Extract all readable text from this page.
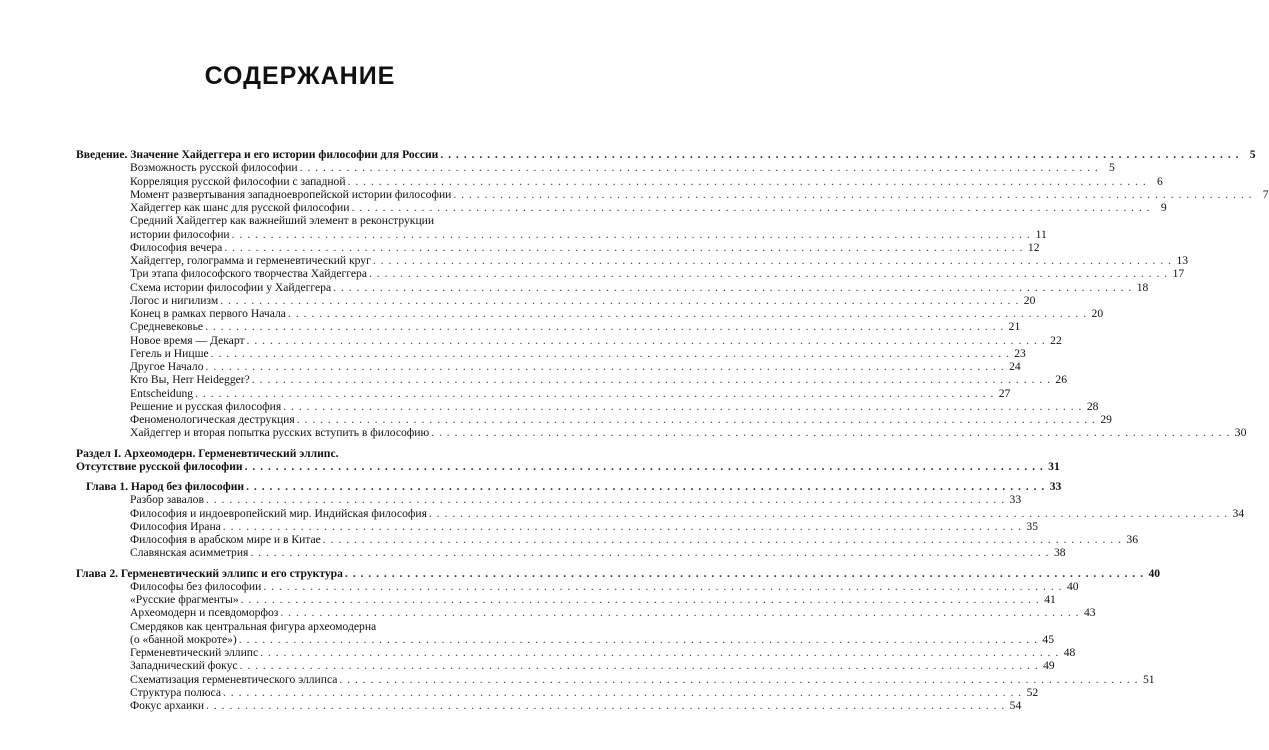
СОДЕРЖАНИЕ
Введение. Значение Хайдеггера и его истории философии для России . . . . . . . . . . . . . . . . . . . . . . . . . . . . . . . . . . . . . . . . . . . . . . . . . . . . . . . . . . . . . . . . . . . . . . . . . . . . . . . . . . . . . . . . . . . . . . . . . . . . . . . 5
Возможность русской философии . . . . . . . . . . . . . . . . . . . . . . . . . . . . . . . . . . . . . . . . . . . . . . . . . . . . . . . . . . . . . . . . . . . . . . . . . . . . . . . . . . . . . . . . . . . . . . . . . . . . . . . 5
Корреляция русской философии с западной . . . . . . . . . . . . . . . . . . . . . . . . . . . . . . . . . . . . . . . . . . . . . . . . . . . . . . . . . . . . . . . . . . . . . . . . . . . . . . . . . . . . . . . . . . . . . . . . . . . . . . . 6
Момент развертывания западноевропейской истории философии . . . . . . . . . . . . . . . . . . . . . . . . . . . . . . . . . . . . . . . . . . . . . . . . . . . . . . . . . . . . . . . . . . . . . . . . . . . . . . . . . . . . . . . . . . . . . . . . . . . . . . . 7
Хайдеггер как шанс для русской философии . . . . . . . . . . . . . . . . . . . . . . . . . . . . . . . . . . . . . . . . . . . . . . . . . . . . . . . . . . . . . . . . . . . . . . . . . . . . . . . . . . . . . . . . . . . . . . . . . . . . . . . 9
Средний Хайдеггер как важнейший элемент в реконструкции
истории философии . . . . . . . . . . . . . . . . . . . . . . . . . . . . . . . . . . . . . . . . . . . . . . . . . . . . . . . . . . . . . . . . . . . . . . . . . . . . . . . . . . . . . . . . . . . . . . . . . . . . . . . 11
Философия вечера . . . . . . . . . . . . . . . . . . . . . . . . . . . . . . . . . . . . . . . . . . . . . . . . . . . . . . . . . . . . . . . . . . . . . . . . . . . . . . . . . . . . . . . . . . . . . . . . . . . . . . . 12
Хайдеггер, голограмма и герменевтический круг . . . . . . . . . . . . . . . . . . . . . . . . . . . . . . . . . . . . . . . . . . . . . . . . . . . . . . . . . . . . . . . . . . . . . . . . . . . . . . . . . . . . . . . . . . . . . . . . . . . . . . . 13
Три этапа философского творчества Хайдеггера . . . . . . . . . . . . . . . . . . . . . . . . . . . . . . . . . . . . . . . . . . . . . . . . . . . . . . . . . . . . . . . . . . . . . . . . . . . . . . . . . . . . . . . . . . . . . . . . . . . . . . . 17
Схема истории философии у Хайдеггера . . . . . . . . . . . . . . . . . . . . . . . . . . . . . . . . . . . . . . . . . . . . . . . . . . . . . . . . . . . . . . . . . . . . . . . . . . . . . . . . . . . . . . . . . . . . . . . . . . . . . . . 18
Логос и нигилизм . . . . . . . . . . . . . . . . . . . . . . . . . . . . . . . . . . . . . . . . . . . . . . . . . . . . . . . . . . . . . . . . . . . . . . . . . . . . . . . . . . . . . . . . . . . . . . . . . . . . . . . 20
Конец в рамках первого Начала . . . . . . . . . . . . . . . . . . . . . . . . . . . . . . . . . . . . . . . . . . . . . . . . . . . . . . . . . . . . . . . . . . . . . . . . . . . . . . . . . . . . . . . . . . . . . . . . . . . . . . . 20
Средневековье . . . . . . . . . . . . . . . . . . . . . . . . . . . . . . . . . . . . . . . . . . . . . . . . . . . . . . . . . . . . . . . . . . . . . . . . . . . . . . . . . . . . . . . . . . . . . . . . . . . . . . . 21
Новое время — Декарт . . . . . . . . . . . . . . . . . . . . . . . . . . . . . . . . . . . . . . . . . . . . . . . . . . . . . . . . . . . . . . . . . . . . . . . . . . . . . . . . . . . . . . . . . . . . . . . . . . . . . . . 22
Гегель и Ницше . . . . . . . . . . . . . . . . . . . . . . . . . . . . . . . . . . . . . . . . . . . . . . . . . . . . . . . . . . . . . . . . . . . . . . . . . . . . . . . . . . . . . . . . . . . . . . . . . . . . . . . 23
Другое Начало . . . . . . . . . . . . . . . . . . . . . . . . . . . . . . . . . . . . . . . . . . . . . . . . . . . . . . . . . . . . . . . . . . . . . . . . . . . . . . . . . . . . . . . . . . . . . . . . . . . . . . . 24
Кто Вы, Herr Heidegger? . . . . . . . . . . . . . . . . . . . . . . . . . . . . . . . . . . . . . . . . . . . . . . . . . . . . . . . . . . . . . . . . . . . . . . . . . . . . . . . . . . . . . . . . . . . . . . . . . . . . . . . 26
Entscheidung . . . . . . . . . . . . . . . . . . . . . . . . . . . . . . . . . . . . . . . . . . . . . . . . . . . . . . . . . . . . . . . . . . . . . . . . . . . . . . . . . . . . . . . . . . . . . . . . . . . . . . . 27
Решение и русская философия . . . . . . . . . . . . . . . . . . . . . . . . . . . . . . . . . . . . . . . . . . . . . . . . . . . . . . . . . . . . . . . . . . . . . . . . . . . . . . . . . . . . . . . . . . . . . . . . . . . . . . . 28
Феноменологическая деструкция . . . . . . . . . . . . . . . . . . . . . . . . . . . . . . . . . . . . . . . . . . . . . . . . . . . . . . . . . . . . . . . . . . . . . . . . . . . . . . . . . . . . . . . . . . . . . . . . . . . . . . . 29
Хайдеггер и вторая попытка русских вступить в философию . . . . . . . . . . . . . . . . . . . . . . . . . . . . . . . . . . . . . . . . . . . . . . . . . . . . . . . . . . . . . . . . . . . . . . . . . . . . . . . . . . . . . . . . . . . . . . . . . . . . . . . 30
Раздел I. Археомодерн. Герменевтический эллипс.
Отсутствие русской философии . . . . . . . . . . . . . . . . . . . . . . . . . . . . . . . . . . . . . . . . . . . . . . . . . . . . . . . . . . . . . . . . . . . . . . . . . . . . . . . . . . . . . . . . . . . . . . . . . . . . . . . 31
Глава 1. Народ без философии . . . . . . . . . . . . . . . . . . . . . . . . . . . . . . . . . . . . . . . . . . . . . . . . . . . . . . . . . . . . . . . . . . . . . . . . . . . . . . . . . . . . . . . . . . . . . . . . . . . . . . . 33
Разбор завалов . . . . . . . . . . . . . . . . . . . . . . . . . . . . . . . . . . . . . . . . . . . . . . . . . . . . . . . . . . . . . . . . . . . . . . . . . . . . . . . . . . . . . . . . . . . . . . . . . . . . . . . 33
Философия и индоевропейский мир. Индийская философия . . . . . . . . . . . . . . . . . . . . . . . . . . . . . . . . . . . . . . . . . . . . . . . . . . . . . . . . . . . . . . . . . . . . . . . . . . . . . . . . . . . . . . . . . . . . . . . . . . . . . . . 34
Философия Ирана . . . . . . . . . . . . . . . . . . . . . . . . . . . . . . . . . . . . . . . . . . . . . . . . . . . . . . . . . . . . . . . . . . . . . . . . . . . . . . . . . . . . . . . . . . . . . . . . . . . . . . . 35
Философия в арабском мире и в Китае . . . . . . . . . . . . . . . . . . . . . . . . . . . . . . . . . . . . . . . . . . . . . . . . . . . . . . . . . . . . . . . . . . . . . . . . . . . . . . . . . . . . . . . . . . . . . . . . . . . . . . . 36
Славянская асимметрия . . . . . . . . . . . . . . . . . . . . . . . . . . . . . . . . . . . . . . . . . . . . . . . . . . . . . . . . . . . . . . . . . . . . . . . . . . . . . . . . . . . . . . . . . . . . . . . . . . . . . . . 38
Глава 2. Герменевтический эллипс и его структура . . . . . . . . . . . . . . . . . . . . . . . . . . . . . . . . . . . . . . . . . . . . . . . . . . . . . . . . . . . . . . . . . . . . . . . . . . . . . . . . . . . . . . . . . . . . . . . . . . . . . . . 40
Философы без философии . . . . . . . . . . . . . . . . . . . . . . . . . . . . . . . . . . . . . . . . . . . . . . . . . . . . . . . . . . . . . . . . . . . . . . . . . . . . . . . . . . . . . . . . . . . . . . . . . . . . . . . 40
«Русские фрагменты» . . . . . . . . . . . . . . . . . . . . . . . . . . . . . . . . . . . . . . . . . . . . . . . . . . . . . . . . . . . . . . . . . . . . . . . . . . . . . . . . . . . . . . . . . . . . . . . . . . . . . . . 41
Археомодерн и псевдоморфоз . . . . . . . . . . . . . . . . . . . . . . . . . . . . . . . . . . . . . . . . . . . . . . . . . . . . . . . . . . . . . . . . . . . . . . . . . . . . . . . . . . . . . . . . . . . . . . . . . . . . . . . 43
Смердяков как центральная фигура археомодерна
(о «банной мокроте») . . . . . . . . . . . . . . . . . . . . . . . . . . . . . . . . . . . . . . . . . . . . . . . . . . . . . . . . . . . . . . . . . . . . . . . . . . . . . . . . . . . . . . . . . . . . . . . . . . . . . . . 45
Герменевтический эллипс . . . . . . . . . . . . . . . . . . . . . . . . . . . . . . . . . . . . . . . . . . . . . . . . . . . . . . . . . . . . . . . . . . . . . . . . . . . . . . . . . . . . . . . . . . . . . . . . . . . . . . . 48
Западнический фокус . . . . . . . . . . . . . . . . . . . . . . . . . . . . . . . . . . . . . . . . . . . . . . . . . . . . . . . . . . . . . . . . . . . . . . . . . . . . . . . . . . . . . . . . . . . . . . . . . . . . . . . 49
Схематизация герменевтического эллипса . . . . . . . . . . . . . . . . . . . . . . . . . . . . . . . . . . . . . . . . . . . . . . . . . . . . . . . . . . . . . . . . . . . . . . . . . . . . . . . . . . . . . . . . . . . . . . . . . . . . . . . 51
Структура полюса . . . . . . . . . . . . . . . . . . . . . . . . . . . . . . . . . . . . . . . . . . . . . . . . . . . . . . . . . . . . . . . . . . . . . . . . . . . . . . . . . . . . . . . . . . . . . . . . . . . . . . . 52
Фокус архаики . . . . . . . . . . . . . . . . . . . . . . . . . . . . . . . . . . . . . . . . . . . . . . . . . . . . . . . . . . . . . . . . . . . . . . . . . . . . . . . . . . . . . . . . . . . . . . . . . . . . . . . 54
